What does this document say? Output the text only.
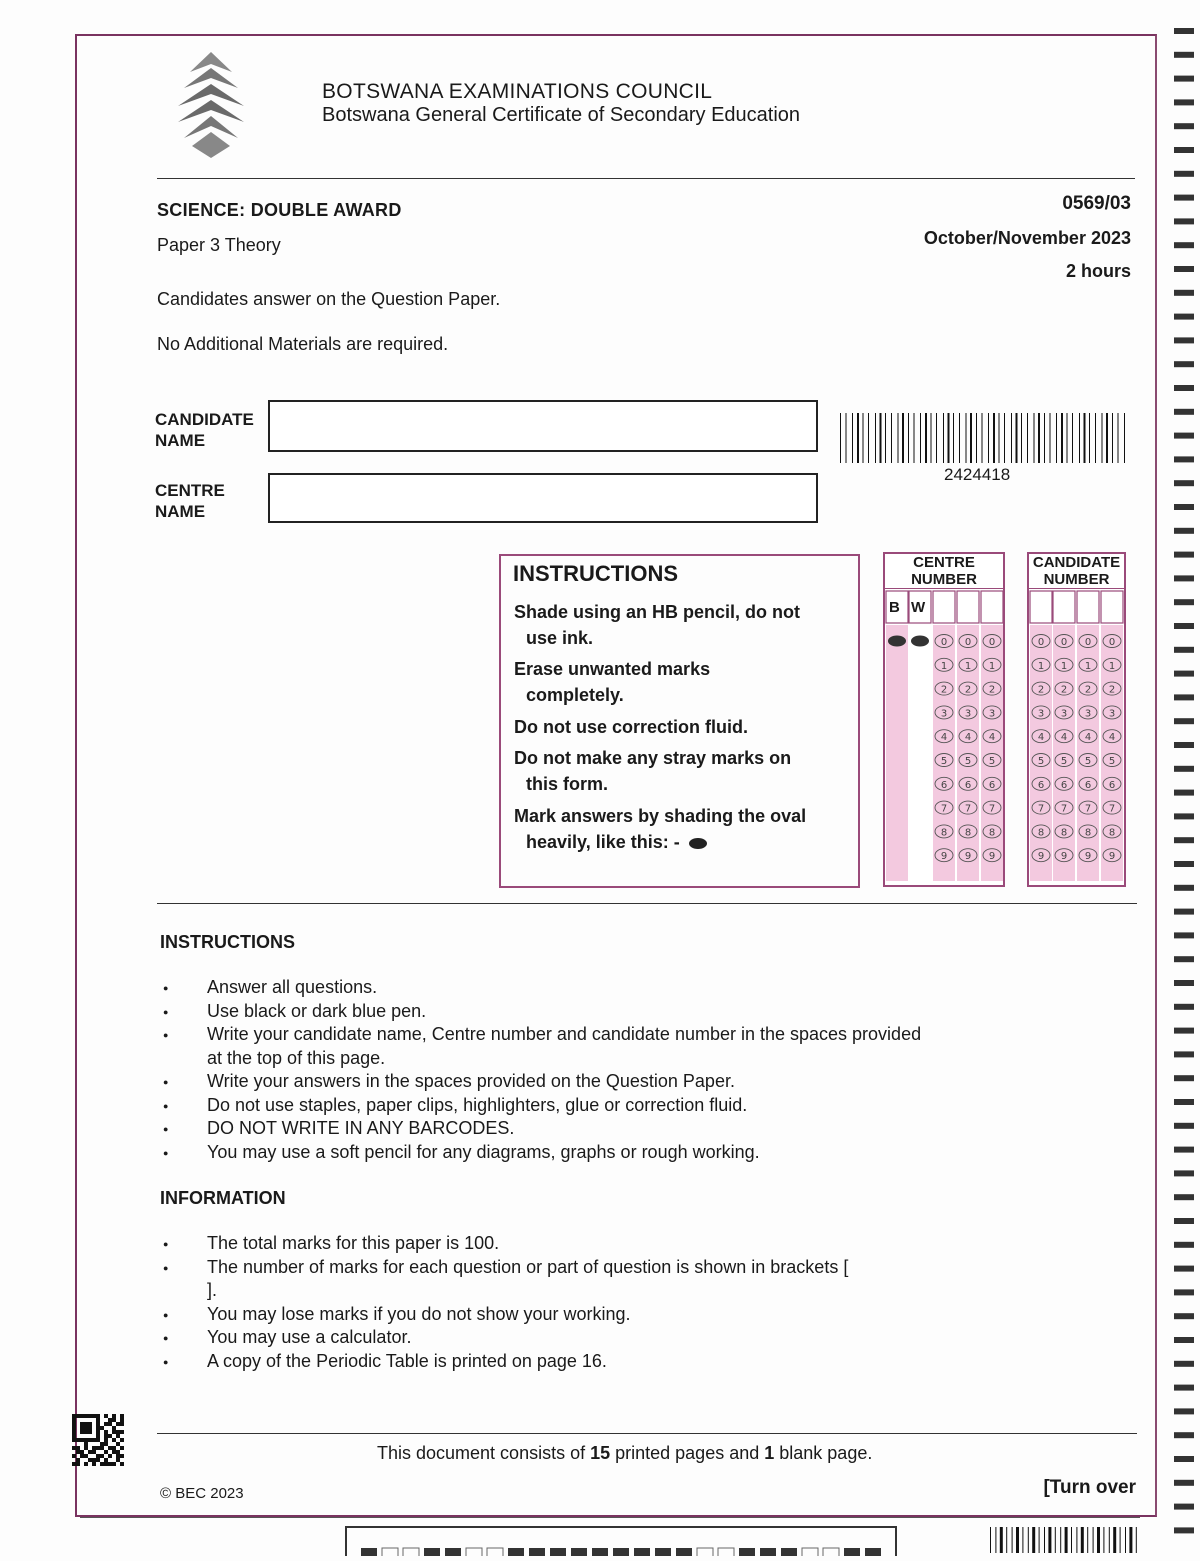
BOTSWANA EXAMINATIONS COUNCIL
Botswana General Certificate of Secondary Education
SCIENCE: DOUBLE AWARD
Paper 3 Theory
0569/03
October/November 2023
2 hours
Candidates answer on the Question Paper.
No Additional Materials are required.
CANDIDATE
NAME
CENTRE
NAME
2424418
INSTRUCTIONS
Shade using an HB pencil, do not
use ink.
Erase unwanted marks
completely.
Do not use correction fluid.
Do not make any stray marks on
this form.
Mark answers by shading the oval
heavily, like this: -
CENTRE
NUMBER
0
1
2
3
4
5
6
7
8
9
0
1
2
3
4
5
6
7
8
9
0
1
2
3
4
5
6
7
8
9
B W
CANDIDATE
NUMBER
0
1
2
3
4
5
6
7
8
9
0
1
2
3
4
5
6
7
8
9
0
1
2
3
4
5
6
7
8
9
0
1
2
3
4
5
6
7
8
9
INSTRUCTIONS
● Answer all questions.
● Use black or dark blue pen.
● Write your candidate name, Centre number and candidate number in the spaces provided at the top of this page.
● Write your answers in the spaces provided on the Question Paper.
● Do not use staples, paper clips, highlighters, glue or correction fluid.
● DO NOT WRITE IN ANY BARCODES.
● You may use a soft pencil for any diagrams, graphs or rough working.
INFORMATION
● The total marks for this paper is 100.
● The number of marks for each question or part of question is shown in brackets [ ].
● You may lose marks if you do not show your working.
● You may use a calculator.
● A copy of the Periodic Table is printed on page 16.
This document consists of 15 printed pages and 1 blank page.
© BEC 2023	[Turn over
